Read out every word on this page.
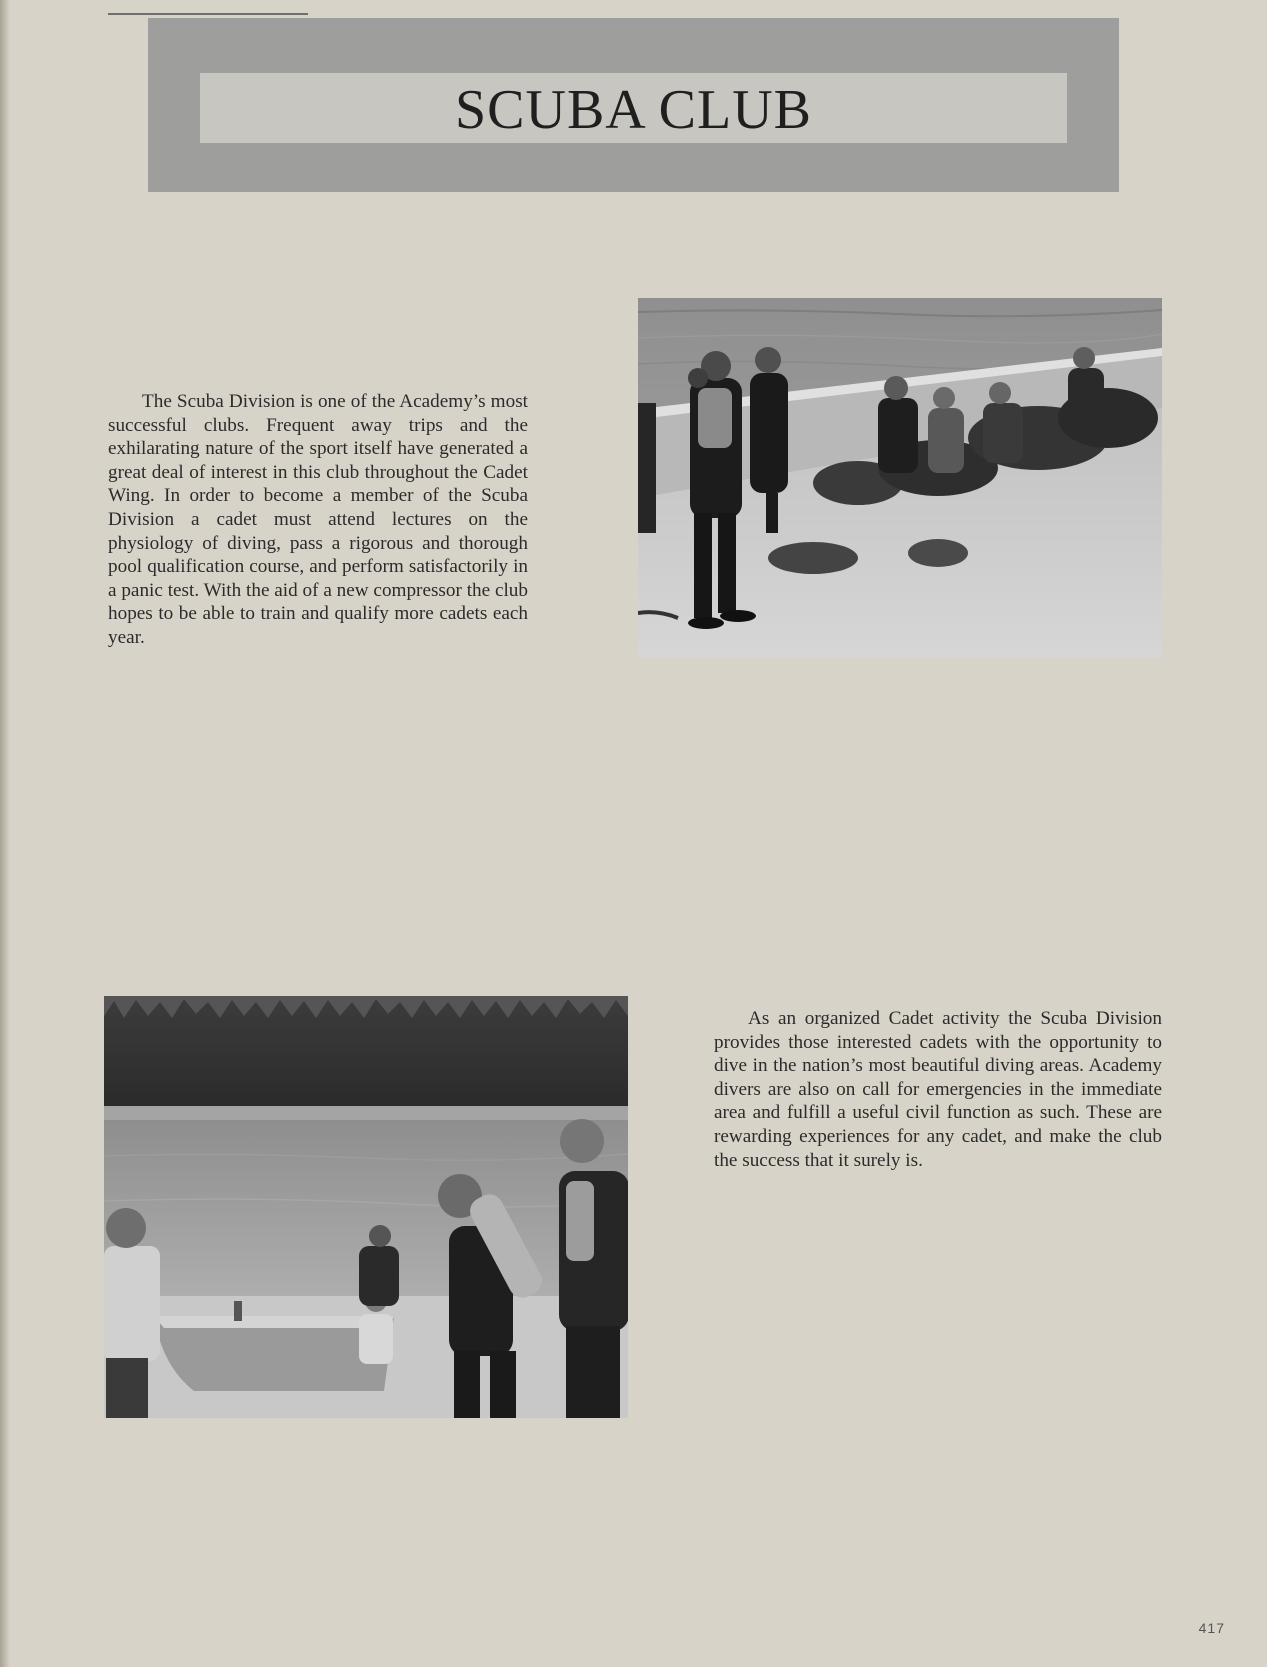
SCUBA CLUB

The Scuba Division is one of the Academy’s most successful clubs. Frequent away trips and the exhilarating nature of the sport itself have generated a great deal of interest in this club throughout the Cadet Wing. In order to become a member of the Scuba Division a cadet must attend lectures on the physiology of diving, pass a rigorous and thorough pool qualification course, and perform satisfactorily in a panic test. With the aid of a new compressor the club hopes to be able to train and qualify more cadets each year.

As an organized Cadet activity the Scuba Division provides those interested cadets with the opportunity to dive in the nation’s most beautiful diving areas. Academy divers are also on call for emergencies in the immediate area and fulfill a useful civil function as such. These are rewarding experiences for any cadet, and make the club the success that it surely is.

417
